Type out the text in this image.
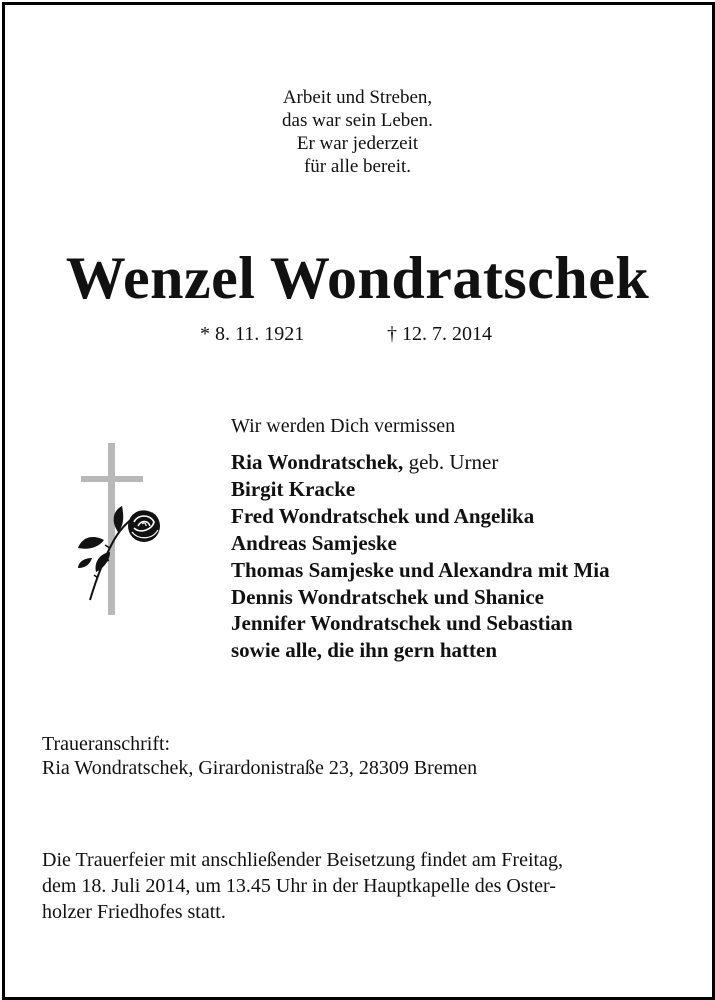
Arbeit und Streben,
das war sein Leben.
Er war jederzeit
für alle bereit.
Wenzel Wondratschek
* 8. 11. 1921	† 12. 7. 2014
Wir werden Dich vermissen
Ria Wondratschek, geb. Urner
Birgit Kracke
Fred Wondratschek und Angelika
Andreas Samjeske
Thomas Samjeske und Alexandra mit Mia
Dennis Wondratschek und Shanice
Jennifer Wondratschek und Sebastian
sowie alle, die ihn gern hatten
Traueranschrift:
Ria Wondratschek, Girardonistraße 23, 28309 Bremen
Die Trauerfeier mit anschließender Beisetzung findet am Freitag,
dem 18. Juli 2014, um 13.45 Uhr in der Hauptkapelle des Oster-
holzer Friedhofes statt.
